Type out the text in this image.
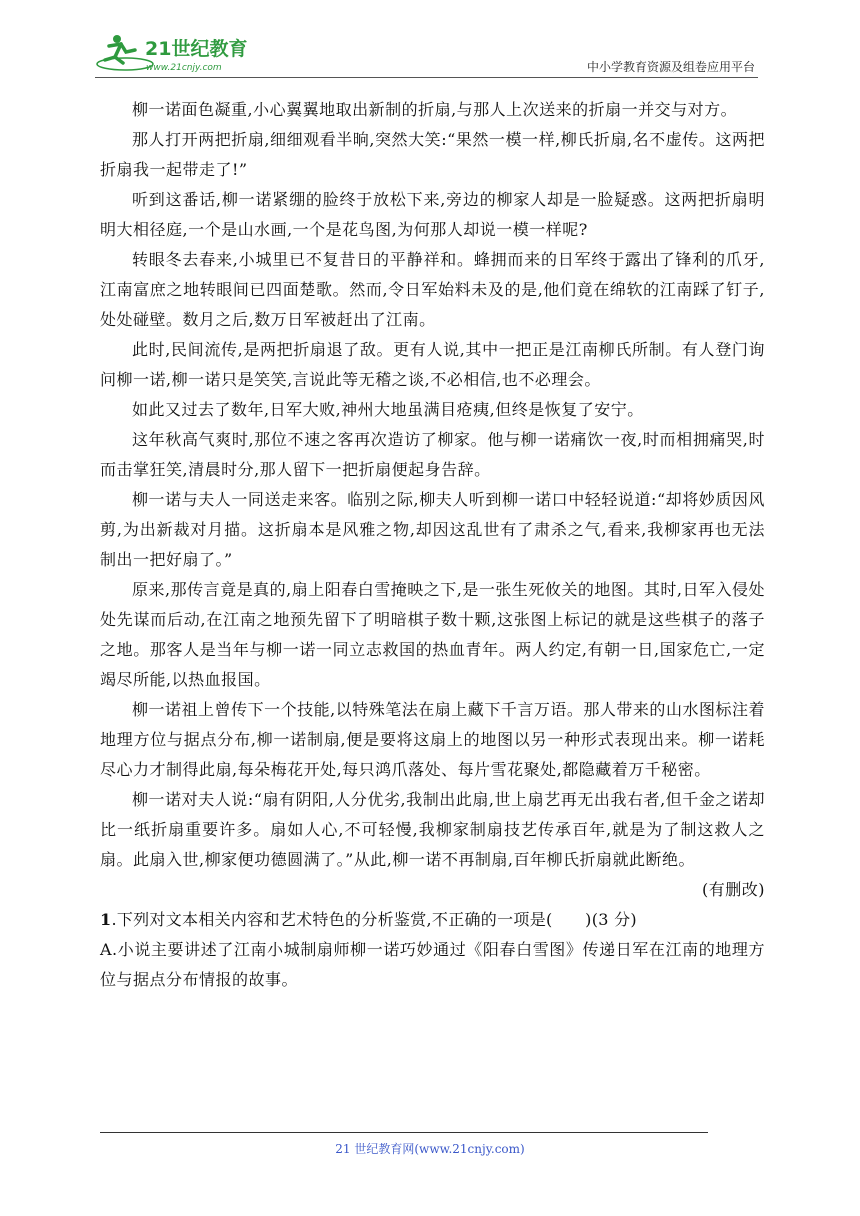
21世纪教育
www.21cnjy.com	中小学教育资源及组卷应用平台

柳一诺面色凝重,小心翼翼地取出新制的折扇,与那人上次送来的折扇一并交与对方。

那人打开两把折扇,细细观看半晌,突然大笑:“果然一模一样,柳氏折扇,名不虚传。这两把折扇我一起带走了!”

听到这番话,柳一诺紧绷的脸终于放松下来,旁边的柳家人却是一脸疑惑。这两把折扇明明大相径庭,一个是山水画,一个是花鸟图,为何那人却说一模一样呢?

转眼冬去春来,小城里已不复昔日的平静祥和。蜂拥而来的日军终于露出了锋利的爪牙,江南富庶之地转眼间已四面楚歌。然而,令日军始料未及的是,他们竟在绵软的江南踩了钉子,处处碰壁。数月之后,数万日军被赶出了江南。

此时,民间流传,是两把折扇退了敌。更有人说,其中一把正是江南柳氏所制。有人登门询问柳一诺,柳一诺只是笑笑,言说此等无稽之谈,不必相信,也不必理会。

如此又过去了数年,日军大败,神州大地虽满目疮痍,但终是恢复了安宁。

这年秋高气爽时,那位不速之客再次造访了柳家。他与柳一诺痛饮一夜,时而相拥痛哭,时而击掌狂笑,清晨时分,那人留下一把折扇便起身告辞。

柳一诺与夫人一同送走来客。临别之际,柳夫人听到柳一诺口中轻轻说道:“却将妙质因风剪,为出新裁对月描。这折扇本是风雅之物,却因这乱世有了肃杀之气,看来,我柳家再也无法制出一把好扇了。”

原来,那传言竟是真的,扇上阳春白雪掩映之下,是一张生死攸关的地图。其时,日军入侵处处先谋而后动,在江南之地预先留下了明暗棋子数十颗,这张图上标记的就是这些棋子的落子之地。那客人是当年与柳一诺一同立志救国的热血青年。两人约定,有朝一日,国家危亡,一定竭尽所能,以热血报国。

柳一诺祖上曾传下一个技能,以特殊笔法在扇上藏下千言万语。那人带来的山水图标注着地理方位与据点分布,柳一诺制扇,便是要将这扇上的地图以另一种形式表现出来。柳一诺耗尽心力才制得此扇,每朵梅花开处,每只鸿爪落处、每片雪花聚处,都隐藏着万千秘密。

柳一诺对夫人说:“扇有阴阳,人分优劣,我制出此扇,世上扇艺再无出我右者,但千金之诺却比一纸折扇重要许多。扇如人心,不可轻慢,我柳家制扇技艺传承百年,就是为了制这救人之扇。此扇入世,柳家便功德圆满了。”从此,柳一诺不再制扇,百年柳氏折扇就此断绝。

(有删改)

1.下列对文本相关内容和艺术特色的分析鉴赏,不正确的一项是(　　)(3 分)

A.小说主要讲述了江南小城制扇师柳一诺巧妙通过《阳春白雪图》传递日军在江南的地理方位与据点分布情报的故事。

21 世纪教育网(www.21cnjy.com)
